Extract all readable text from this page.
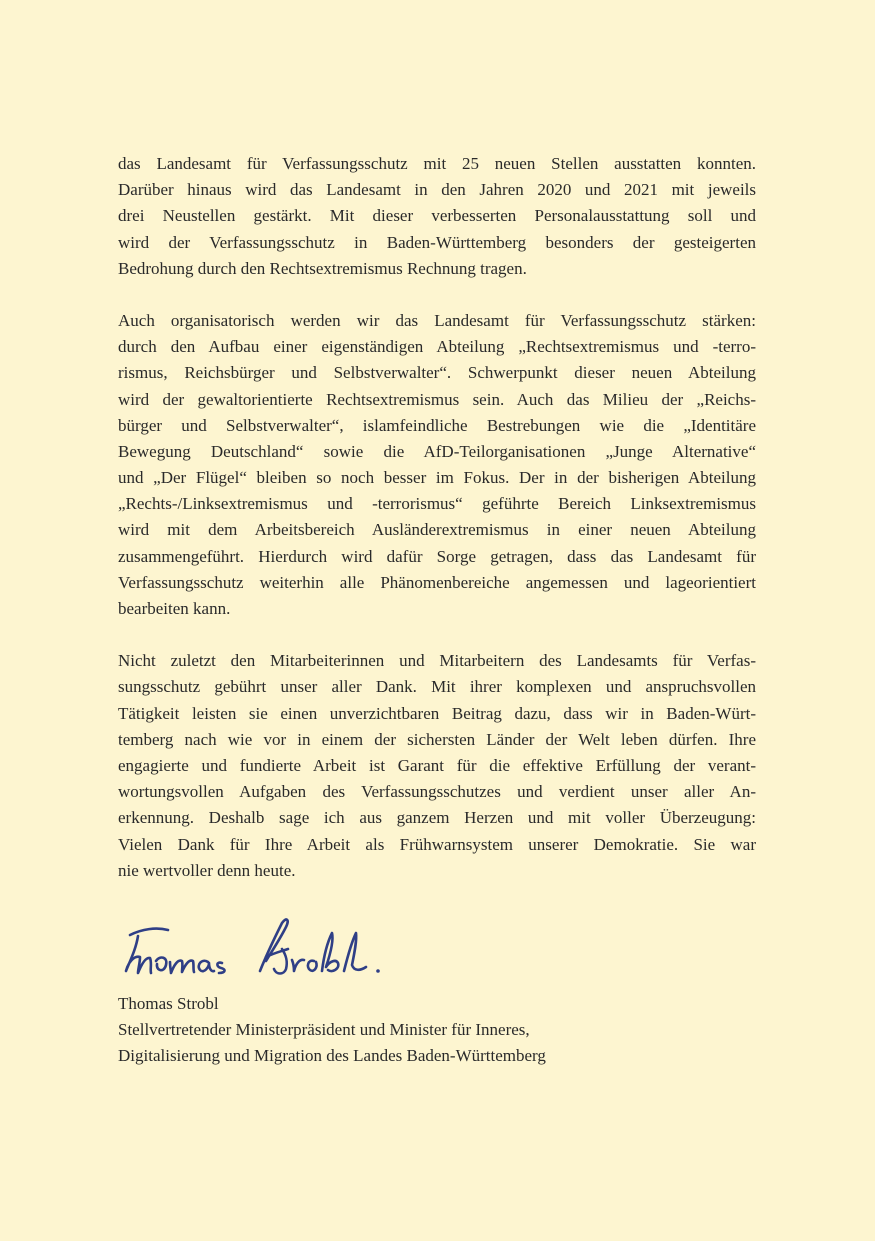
das Landesamt für Verfassungsschutz mit 25 neuen Stellen ausstatten konnten.
Darüber hinaus wird das Landesamt in den Jahren 2020 und 2021 mit jeweils
drei Neustellen gestärkt. Mit dieser verbesserten Personalausstattung soll und
wird der Verfassungsschutz in Baden-Württemberg besonders der gesteigerten
Bedrohung durch den Rechtsextremismus Rechnung tragen.
Auch organisatorisch werden wir das Landesamt für Verfassungsschutz stärken:
durch den Aufbau einer eigenständigen Abteilung „Rechtsextremismus und -terro-
rismus, Reichsbürger und Selbstverwalter“. Schwerpunkt dieser neuen Abteilung
wird der gewaltorientierte Rechtsextremismus sein. Auch das Milieu der „Reichs-
bürger und Selbstverwalter“, islamfeindliche Bestrebungen wie die „Identitäre
Bewegung Deutschland“ sowie die AfD-Teilorganisationen „Junge Alternative“
und „Der Flügel“ bleiben so noch besser im Fokus. Der in der bisherigen Abteilung
„Rechts-/Linksextremismus und -terrorismus“ geführte Bereich Linksextremismus
wird mit dem Arbeitsbereich Ausländerextremismus in einer neuen Abteilung
zusammengeführt. Hierdurch wird dafür Sorge getragen, dass das Landesamt für
Verfassungsschutz weiterhin alle Phänomenbereiche angemessen und lageorientiert
bearbeiten kann.
Nicht zuletzt den Mitarbeiterinnen und Mitarbeitern des Landesamts für Verfas-
sungsschutz gebührt unser aller Dank. Mit ihrer komplexen und anspruchsvollen
Tätigkeit leisten sie einen unverzichtbaren Beitrag dazu, dass wir in Baden-Würt-
temberg nach wie vor in einem der sichersten Länder der Welt leben dürfen. Ihre
engagierte und fundierte Arbeit ist Garant für die effektive Erfüllung der verant-
wortungsvollen Aufgaben des Verfassungsschutzes und verdient unser aller An-
erkennung. Deshalb sage ich aus ganzem Herzen und mit voller Überzeugung:
Vielen Dank für Ihre Arbeit als Frühwarnsystem unserer Demokratie. Sie war
nie wertvoller denn heute.
Thomas Strobl
Stellvertretender Ministerpräsident und Minister für Inneres,
Digitalisierung und Migration des Landes Baden-Württemberg
